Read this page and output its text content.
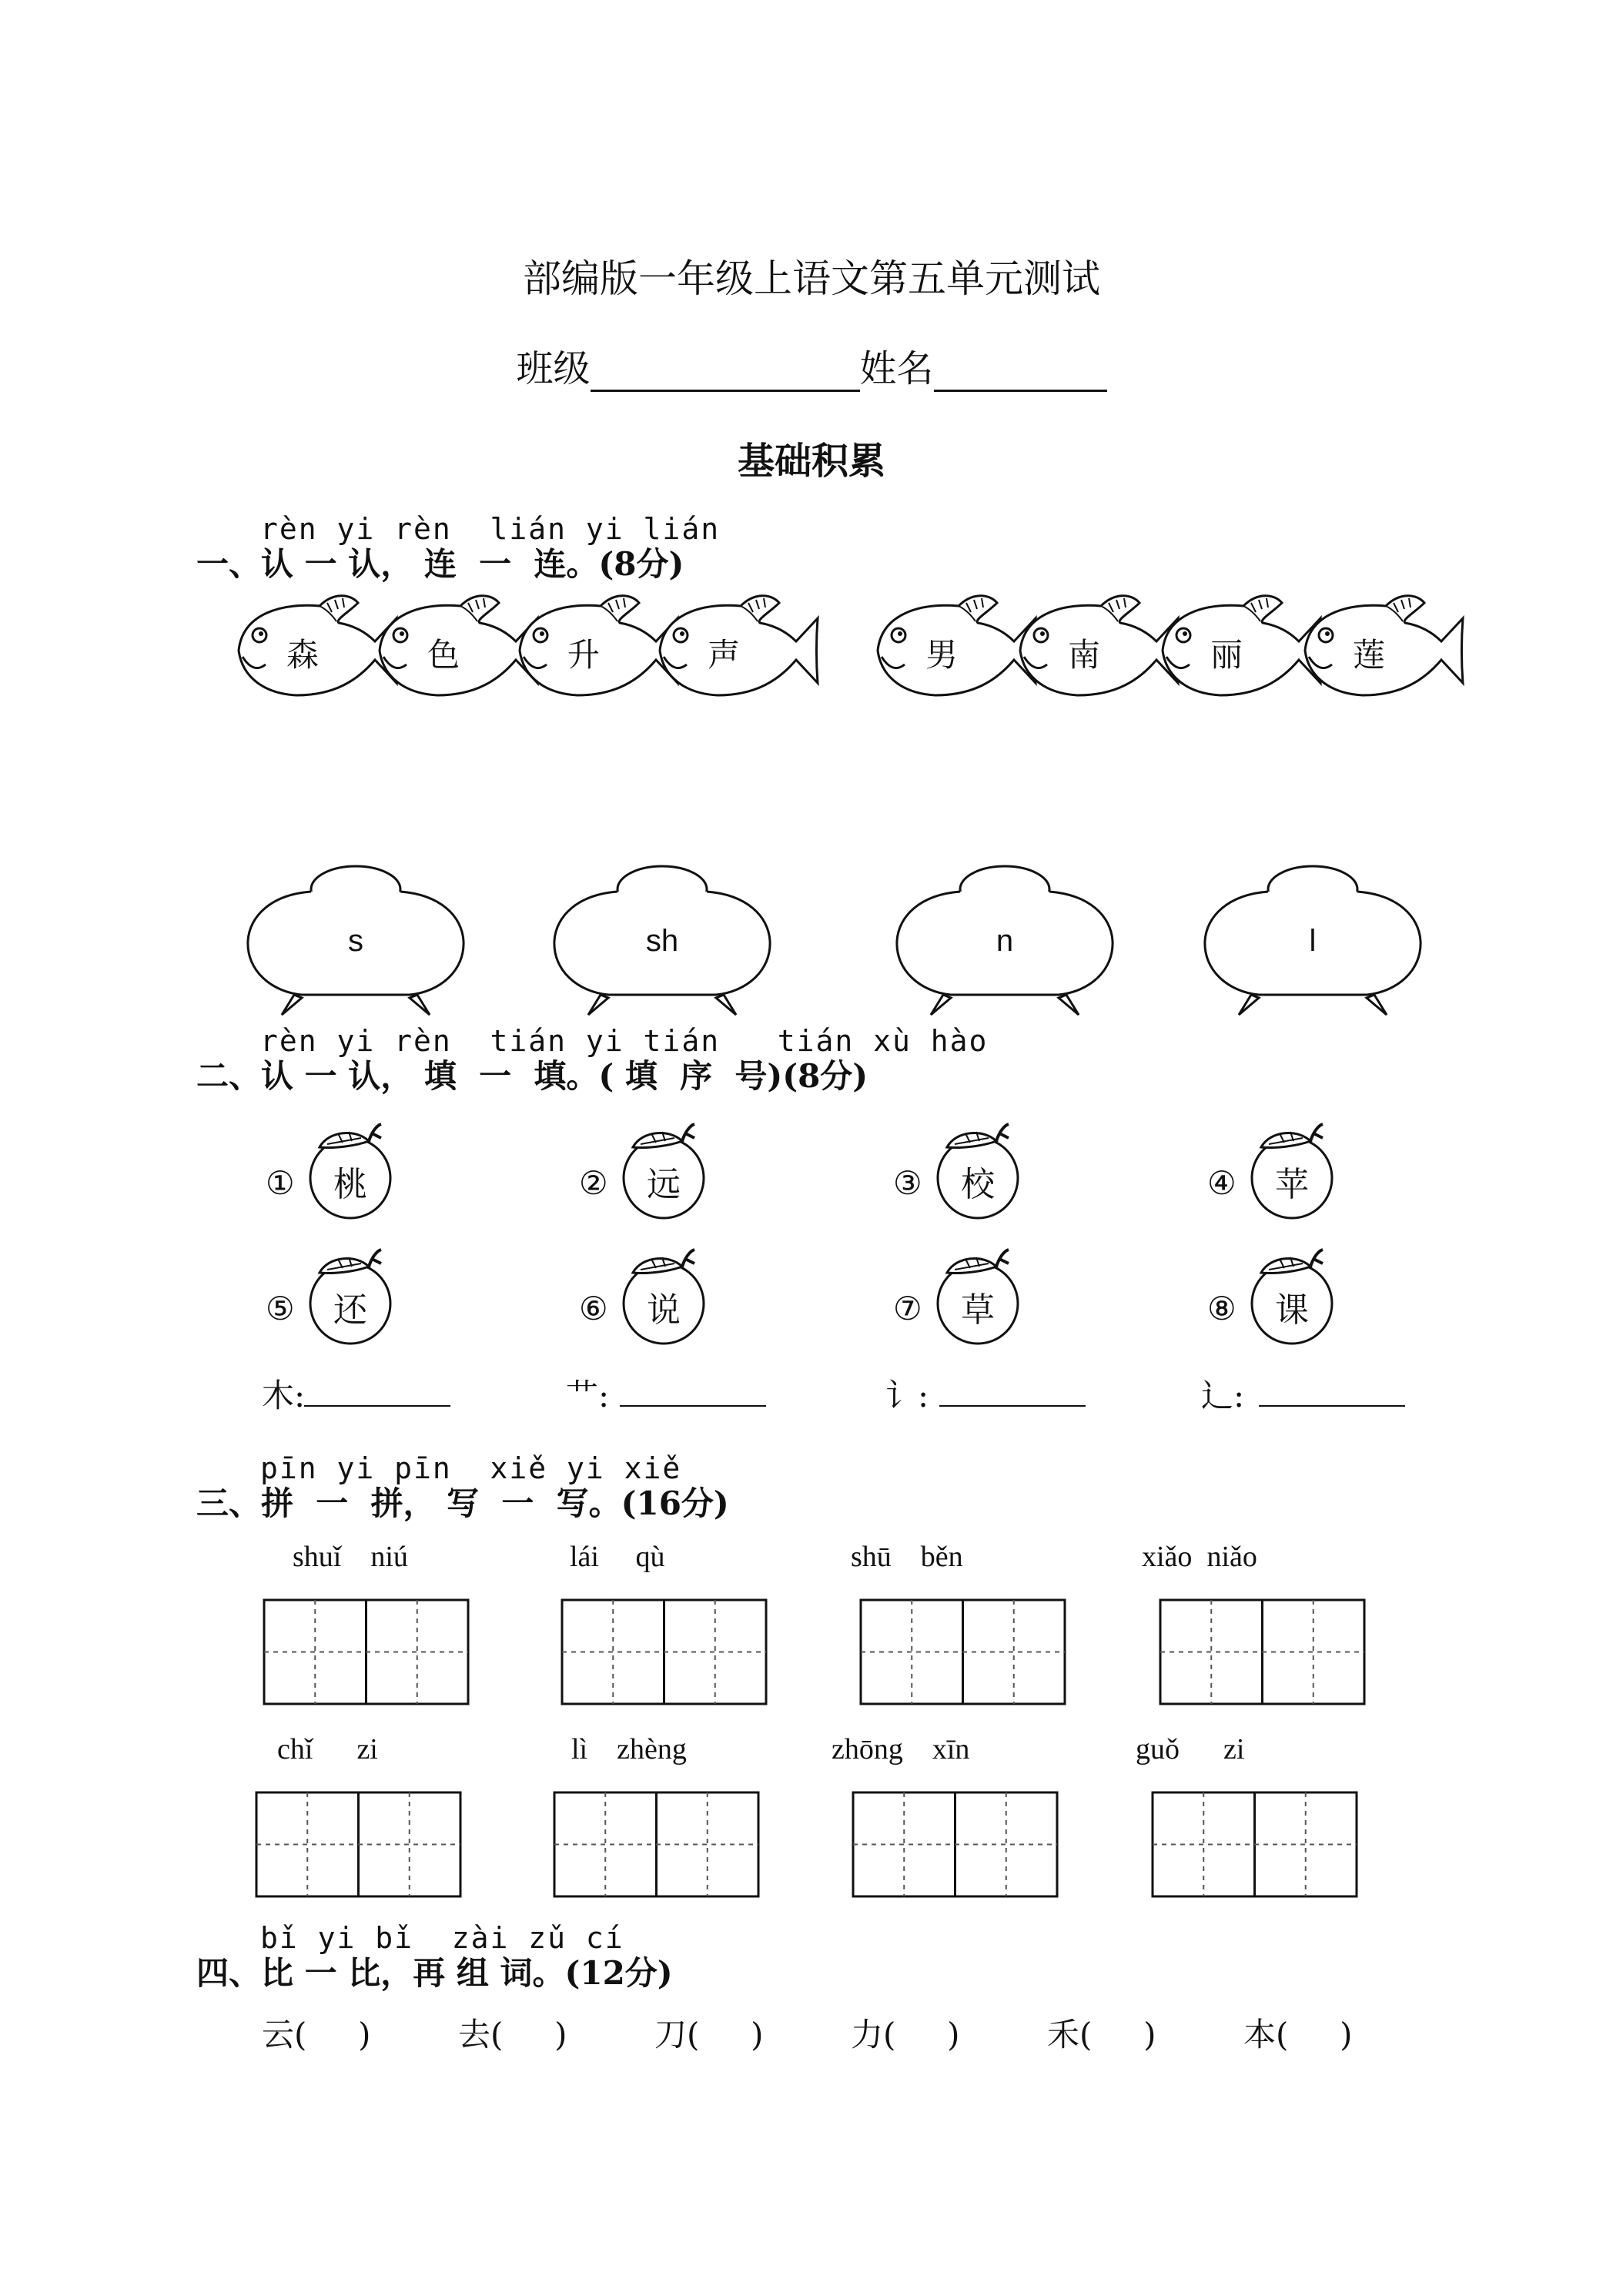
部编版一年级上语文第五单元测试
班级	姓名
基础积累
rèn yi rèn  lián yi lián
一、认 一 认， 连  一  连。(8分)
森	色	升	声	男	南	丽	莲
s	sh	n	l
rèn yi rèn  tián yi tián   tián xù hào
二、认 一 认， 填  一  填。( 填  序  号)(8分)
① 桃	② 远	③ 校	④ 苹
⑤ 还	⑥ 说	⑦ 草	⑧ 课
木:	艹:	讠:	辶:
pīn yi pīn  xiě yi xiě
三、拼  一  拼， 写  一  写。(16分)
shuǐ niú	lái qù	shū běn	xiǎo niǎo
chǐ zi	lì zhèng	zhōng xīn	guǒ zi
bǐ yi bǐ  zài zǔ cí
四、比 一 比，再 组 词。(12分)
云(     )	去(     )	刀(     )	力(     )	禾(     )	本(     )
